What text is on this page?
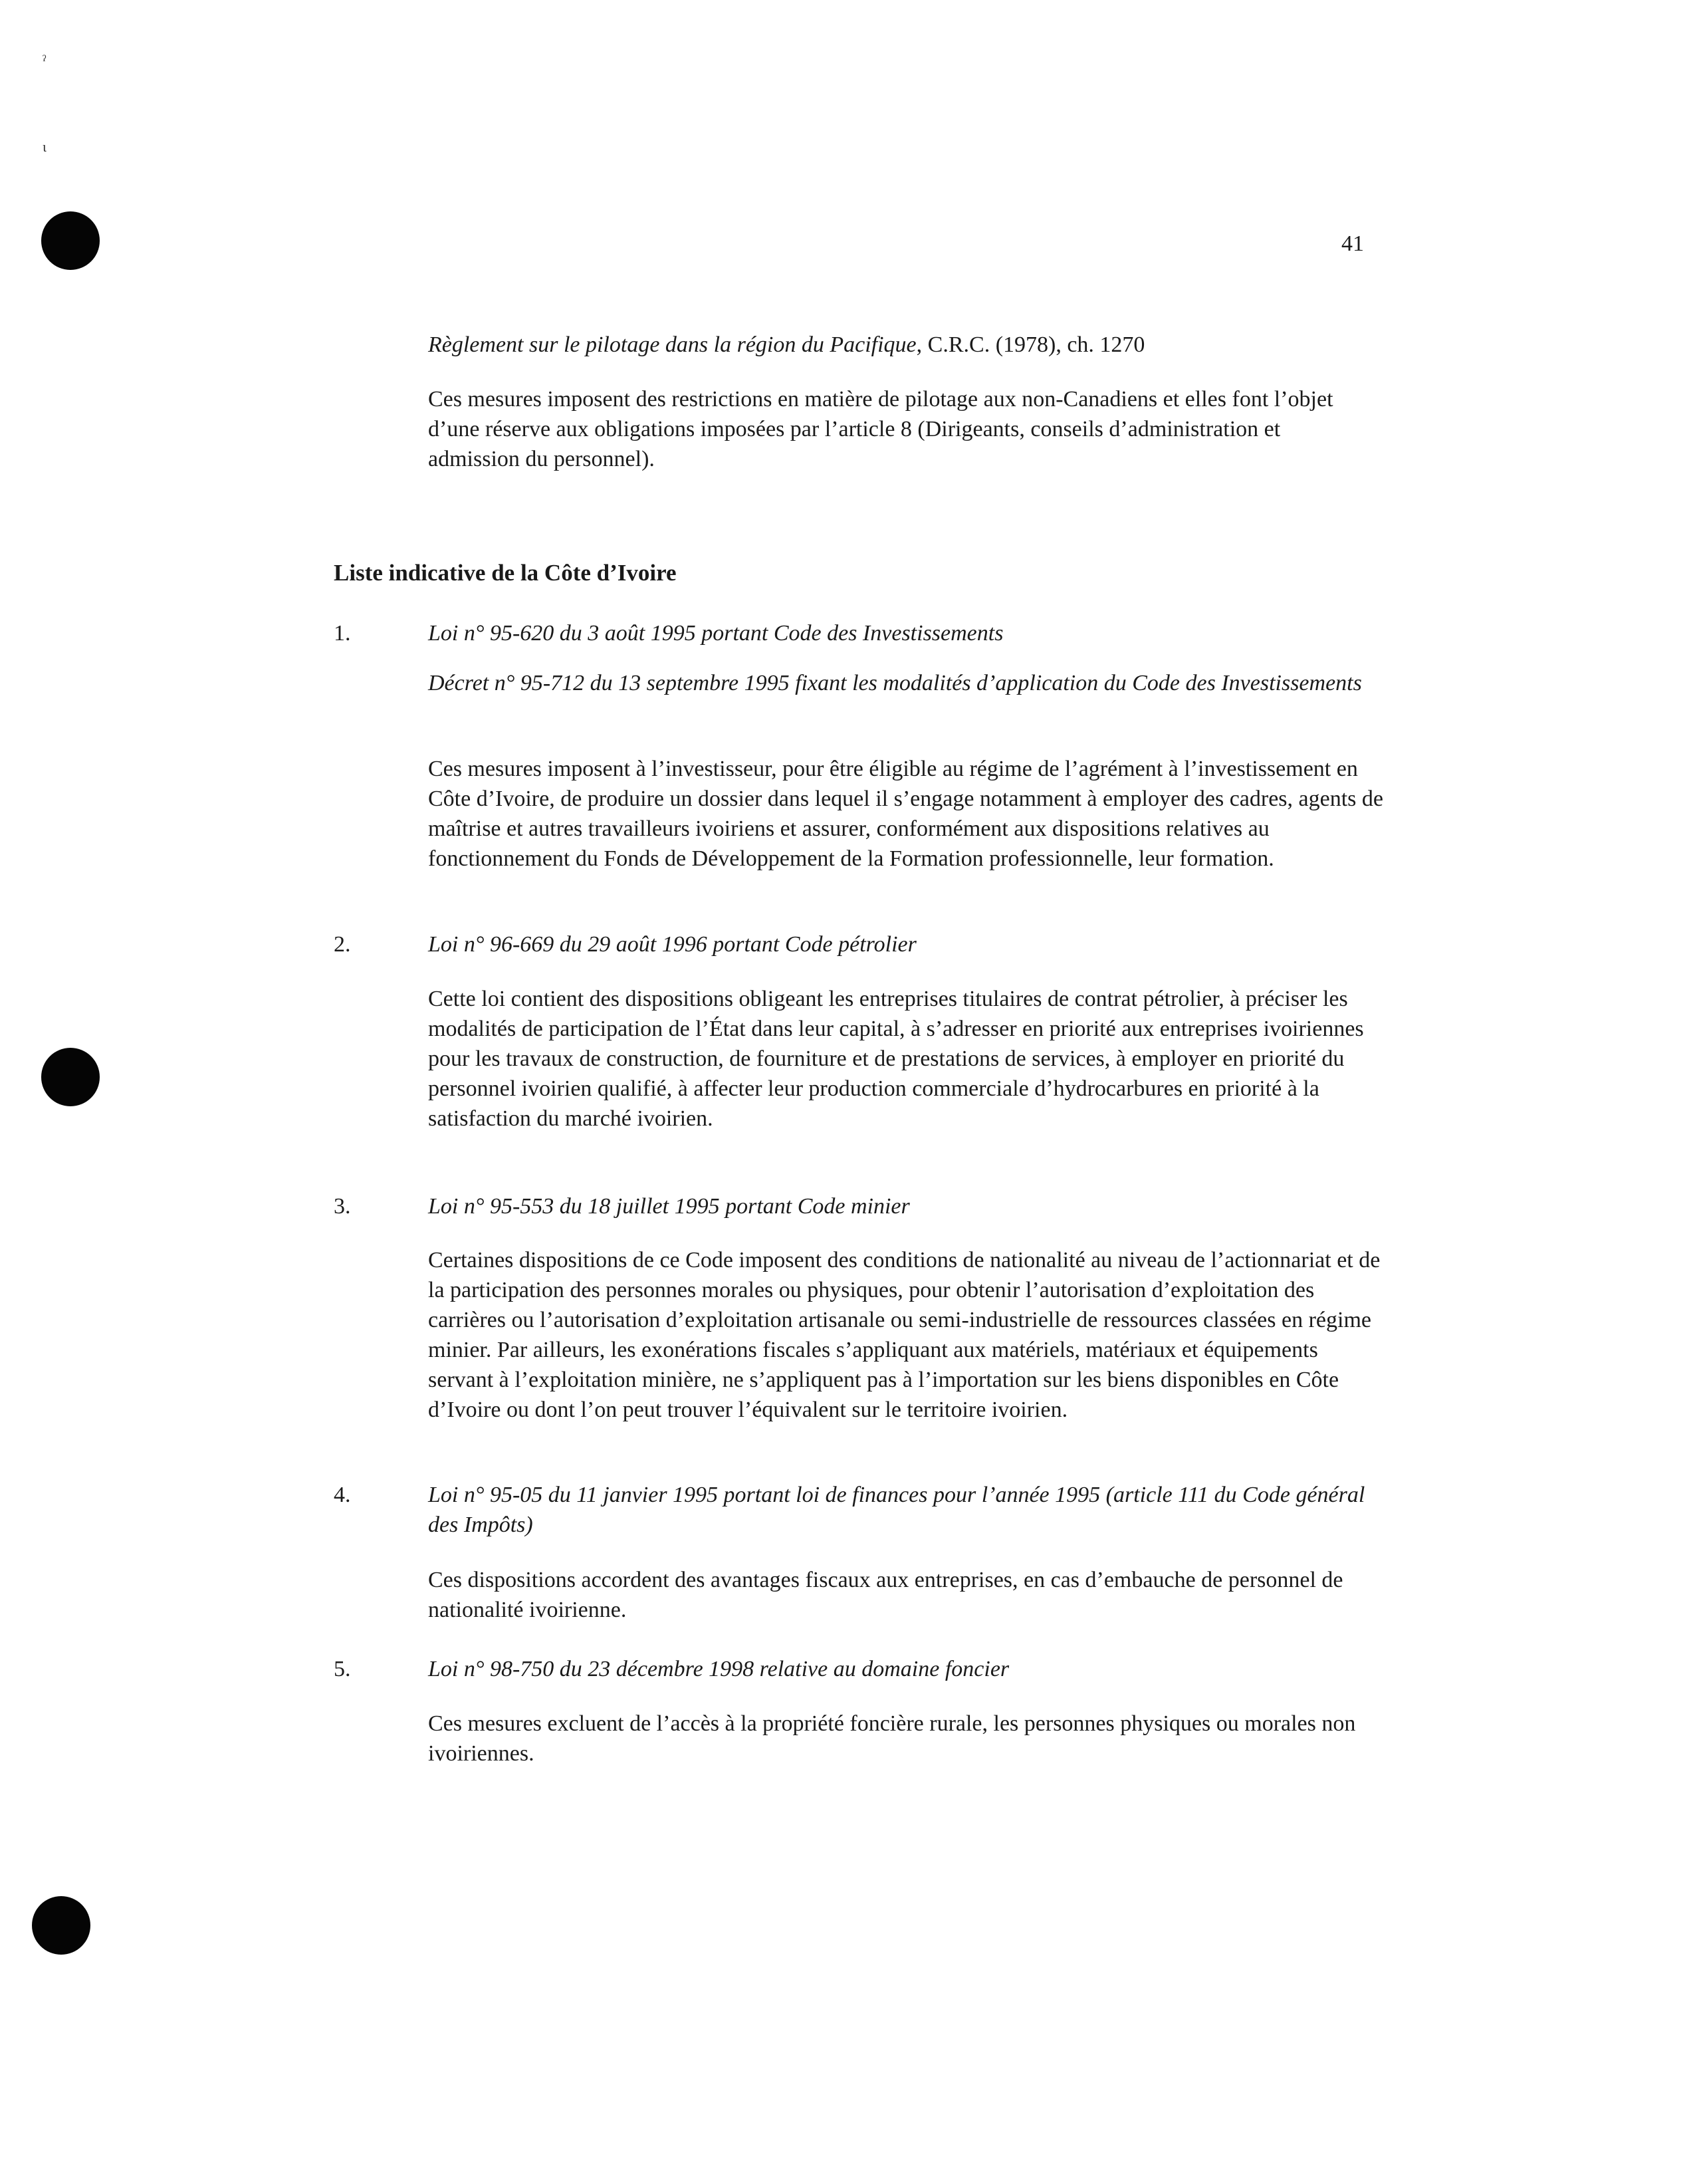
ˀ
ι
41

Règlement sur le pilotage dans la région du Pacifique, C.R.C. (1978), ch. 1270

Ces mesures imposent des restrictions en matière de pilotage aux non-Canadiens et elles font l’objet d’une réserve aux obligations imposées par l’article 8 (Dirigeants, conseils d’administration et admission du personnel).

Liste indicative de la Côte d’Ivoire
1.	Loi n° 95-620 du 3 août 1995 portant Code des Investissements

Décret n° 95-712 du 13 septembre 1995 fixant les modalités d’application du Code des Investissements

Ces mesures imposent à l’investisseur, pour être éligible au régime de l’agrément à l’investissement en Côte d’Ivoire, de produire un dossier dans lequel il s’engage notamment à employer des cadres, agents de maîtrise et autres travailleurs ivoiriens et assurer, conformément aux dispositions relatives au fonctionnement du Fonds de Développement de la Formation professionnelle, leur formation.

2.	Loi n° 96-669 du 29 août 1996 portant Code pétrolier

Cette loi contient des dispositions obligeant les entreprises titulaires de contrat pétrolier, à préciser les modalités de participation de l’État dans leur capital, à s’adresser en priorité aux entreprises ivoiriennes pour les travaux de construction, de fourniture et de prestations de services, à employer en priorité du personnel ivoirien qualifié, à affecter leur production commerciale d’hydrocarbures en priorité à la satisfaction du marché ivoirien.

3.	Loi n° 95-553 du 18 juillet 1995 portant Code minier

Certaines dispositions de ce Code imposent des conditions de nationalité au niveau de l’actionnariat et de la participation des personnes morales ou physiques, pour obtenir l’autorisation d’exploitation des carrières ou l’autorisation d’exploitation artisanale ou semi-industrielle de ressources classées en régime minier. Par ailleurs, les exonérations fiscales s’appliquant aux matériels, matériaux et équipements servant à l’exploitation minière, ne s’appliquent pas à l’importation sur les biens disponibles en Côte d’Ivoire ou dont l’on peut trouver l’équivalent sur le territoire ivoirien.

4.	Loi n° 95-05 du 11 janvier 1995 portant loi de finances pour l’année 1995 (article 111 du Code général des Impôts)

Ces dispositions accordent des avantages fiscaux aux entreprises, en cas d’embauche de personnel de nationalité ivoirienne.

5.	Loi n° 98-750 du 23 décembre 1998 relative au domaine foncier

Ces mesures excluent de l’accès à la propriété foncière rurale, les personnes physiques ou morales non ivoiriennes.
